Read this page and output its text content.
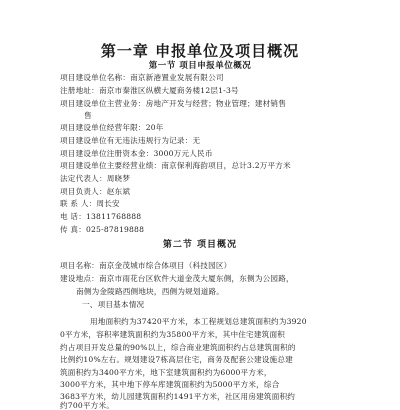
第一章 申报单位及项目概况
第一节 项目申报单位概况
项目建设单位名称：南京新港置业发展有限公司
注册地址：南京市秦淮区纵横大厦商务楼12层1-3号
项目建设单位主营业务：房地产开发与经营；物业管理；建材销售
售
项目建设单位经营年限：20年
项目建设单位有无违法违规行为记录：无
项目建设单位注册资本金：3000万元人民币
项目建设单位主要经营业绩：南京保利海韵项目，总计3.2万平方米
法定代表人：周晓梦
项目负责人：赵东斌
联 系 人：周长安
电 话：13811768888
传 真：025-87819888
第二节 项目概况
项目名称：南京金茂城市综合体项目（科技园区）
建设地点：南京市雨花台区软件大道金茂大厦东侧，东侧为公园路，
南侧为金陵路西侧地块，西侧为规划道路。
一、项目基本情况
用地面积约为37420平方米，本工程规划总建筑面积约为3920
0平方米，容积率建筑面积约为35800平方米，其中住宅建筑面积
约占项目开发总量的90%以上，综合商业建筑面积约占总建筑面积的
比例约10%左右。规划建设7栋高层住宅，商务及配套公建设施总建
筑面积约为3400平方米，地下室建筑面积约为6000平方米，
3000平方米，其中地下停车库建筑面积约为5000平方米，综合
3683平方米，幼儿园建筑面积约1491平方米，社区用房建筑面积约
约700平方米。
